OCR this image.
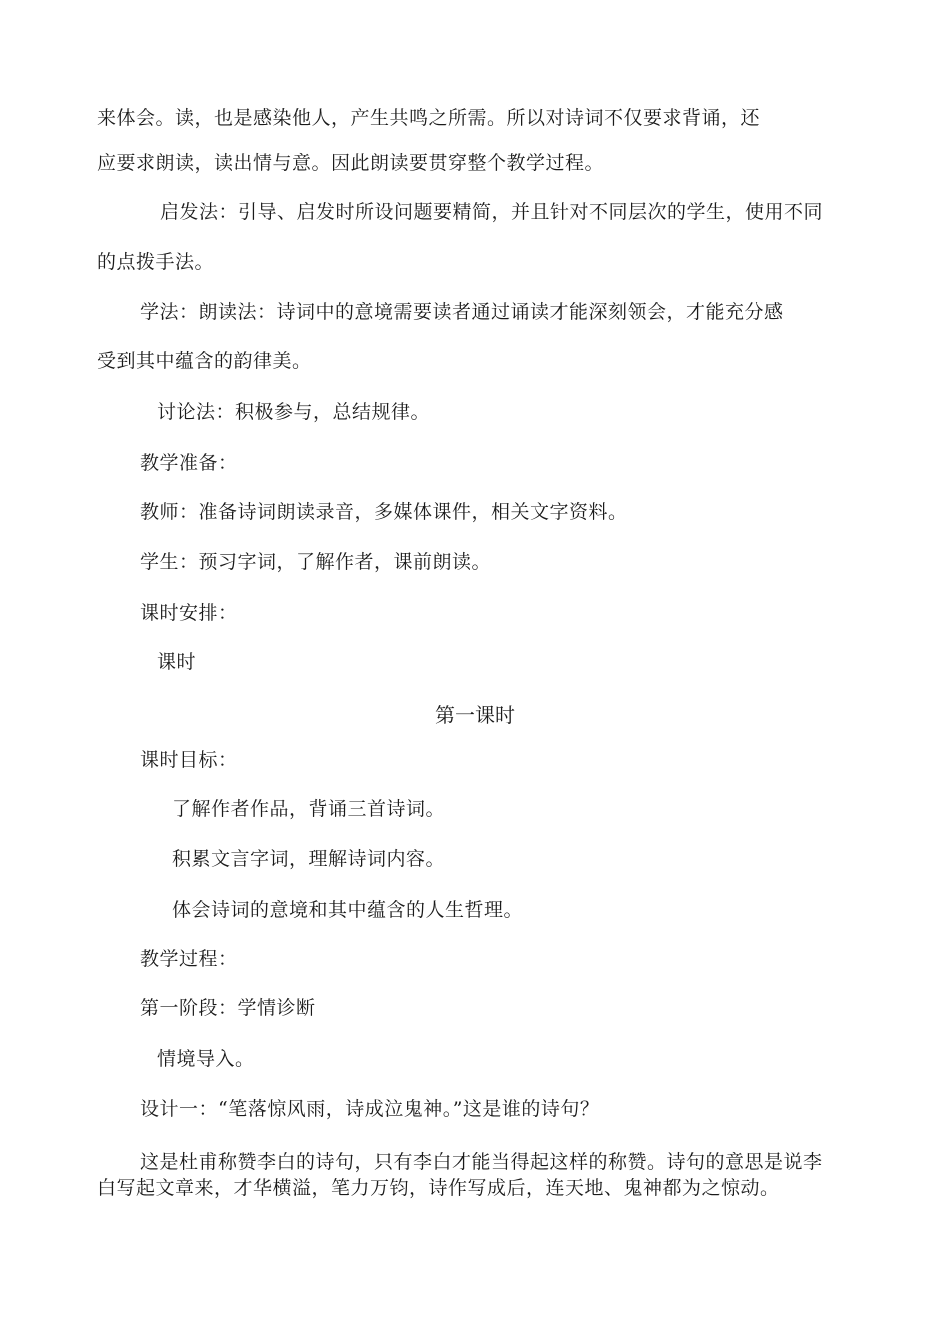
来体会。读，也是感染他人，产生共鸣之所需。所以对诗词不仅要求背诵，还
应要求朗读，读出情与意。因此朗读要贯穿整个教学过程。
启发法：引导、启发时所设问题要精简，并且针对不同层次的学生，使用不同
的点拨手法。
学法：朗读法：诗词中的意境需要读者通过诵读才能深刻领会，才能充分感
受到其中蕴含的韵律美。
讨论法：积极参与，总结规律。
教学准备：
教师：准备诗词朗读录音，多媒体课件，相关文字资料。
学生：预习字词，了解作者，课前朗读。
课时安排：
课时
第一课时
课时目标：
了解作者作品，背诵三首诗词。
积累文言字词，理解诗词内容。
体会诗词的意境和其中蕴含的人生哲理。
教学过程：
第一阶段：学情诊断
情境导入。
设计一：“笔落惊风雨，诗成泣鬼神。”这是谁的诗句？
这是杜甫称赞李白的诗句，只有李白才能当得起这样的称赞。诗句的意思是说李
白写起文章来，才华横溢，笔力万钧，诗作写成后，连天地、鬼神都为之惊动。
